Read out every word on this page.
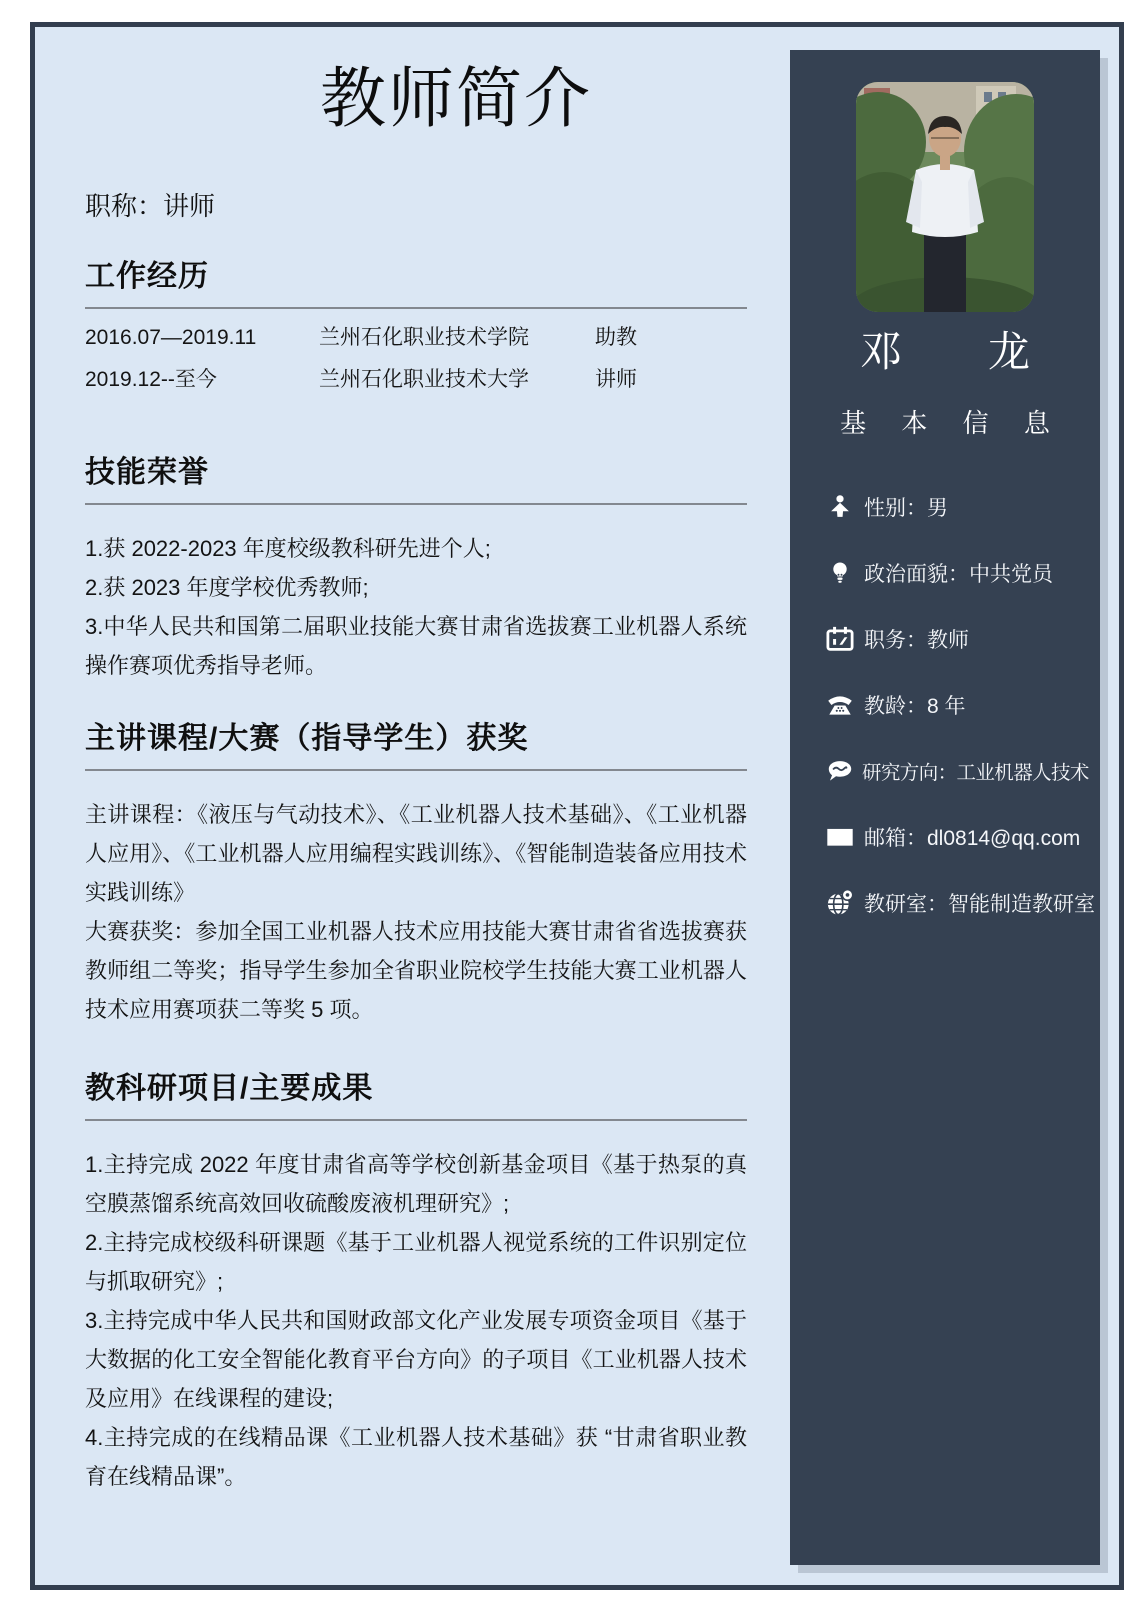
教师简介
职称：讲师
工作经历
2016.07—2019.11	兰州石化职业技术学院	助教
2019.12--至今	兰州石化职业技术大学	讲师
技能荣誉

1.获 2022-2023 年度校级教科研先进个人;

2.获 2023 年度学校优秀教师;

3.中华人民共和国第二届职业技能大赛甘肃省选拔赛工业机器人系统操作赛项优秀指导老师。

主讲课程/大赛（指导学生）获奖

主讲课程：《液压与气动技术》、《工业机器人技术基础》、《工业机器人应用》、《工业机器人应用编程实践训练》、《智能制造装备应用技术实践训练》

大赛获奖：参加全国工业机器人技术应用技能大赛甘肃省省选拔赛获教师组二等奖；指导学生参加全省职业院校学生技能大赛工业机器人技术应用赛项获二等奖 5 项。

教科研项目/主要成果

1.主持完成 2022 年度甘肃省高等学校创新基金项目《基于热泵的真空膜蒸馏系统高效回收硫酸废液机理研究》;

2.主持完成校级科研课题《基于工业机器人视觉系统的工件识别定位与抓取研究》;

3.主持完成中华人民共和国财政部文化产业发展专项资金项目《基于大数据的化工安全智能化教育平台方向》的子项目《工业机器人技术及应用》在线课程的建设;

4.主持完成的在线精品课《工业机器人技术基础》获 “甘肃省职业教育在线精品课”。

邓 龙
基 本 信 息
性别：男
政治面貌：中共党员
职务：教师
教龄：8 年
研究方向：工业机器人技术
邮箱：dl0814@qq.com
教研室：智能制造教研室
